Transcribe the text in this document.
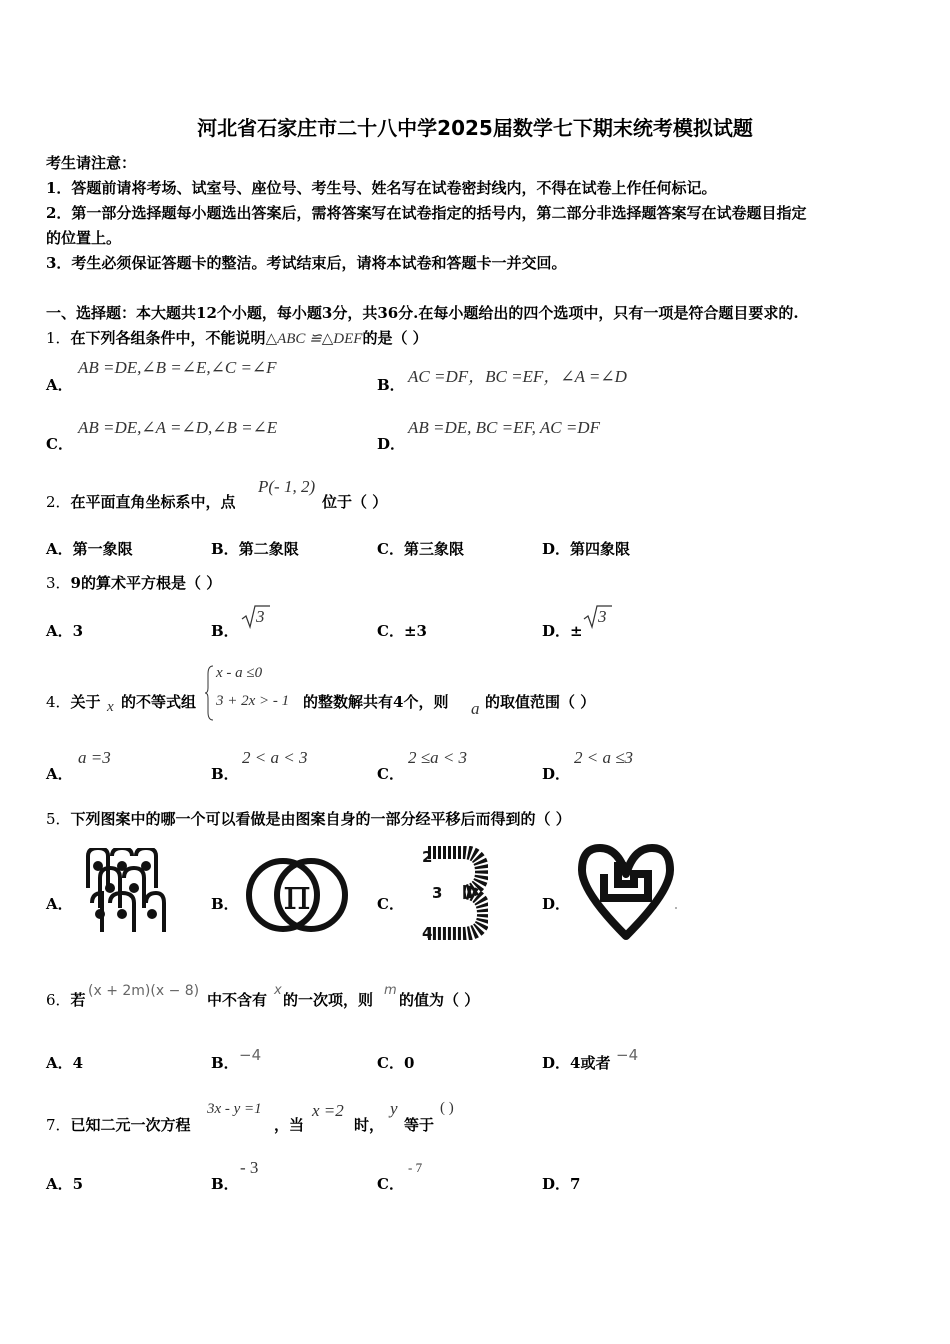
河北省石家庄市二十八中学2025届数学七下期末统考模拟试题
考生请注意：
1．答题前请将考场、试室号、座位号、考生号、姓名写在试卷密封线内，不得在试卷上作任何标记。
2．第一部分选择题每小题选出答案后，需将答案写在试卷指定的括号内，第二部分非选择题答案写在试卷题目指定
的位置上。
3．考生必须保证答题卡的整洁。考试结束后，请将本试卷和答题卡一并交回。
一、选择题：本大题共12个小题，每小题3分，共36分.在每小题给出的四个选项中，只有一项是符合题目要求的.
1．在下列各组条件中，不能说明△ABC ≌△DEF的是（ ）
A．
AB =DE,∠B =∠E,∠C =∠F
B． AC =DF，BC =EF，∠A =∠D
C．
AB =DE,∠A =∠D,∠B =∠E
D．
AB =DE, BC =EF, AC =DF
2．在平面直角坐标系中，点
P(- 1, 2)
位于（ ）
A．第一象限	B．第二象限	C．第三象限	D．第四象限
3．9的算术平方根是（ ）
A．3	B．
3
C．±3	D．±
3
4．关于 x 的不等式组
x - a ≤0
3 + 2x > - 1 的整数解共有4个，则 a 的取值范围（ ）
A．
a =3
B．
2 < a < 3
C．
2 ≤a < 3
D．
2 < a ≤3
5．下列图案中的哪一个可以看做是由图案自身的一部分经平移后而得到的（ ）
A．	B． π	C．
2
3
4
D．
6．若 (x + 2m)(x − 8) 中不含有
x
的一次项，则
m
的值为（ ）
A．4	B． −4	C．0	D．4或者 −4
7．已知二元一次方程
3x - y =1
，当
x =2
时，
y
等于
( )
A．5	B．
- 3
C．
- 7
D．7
